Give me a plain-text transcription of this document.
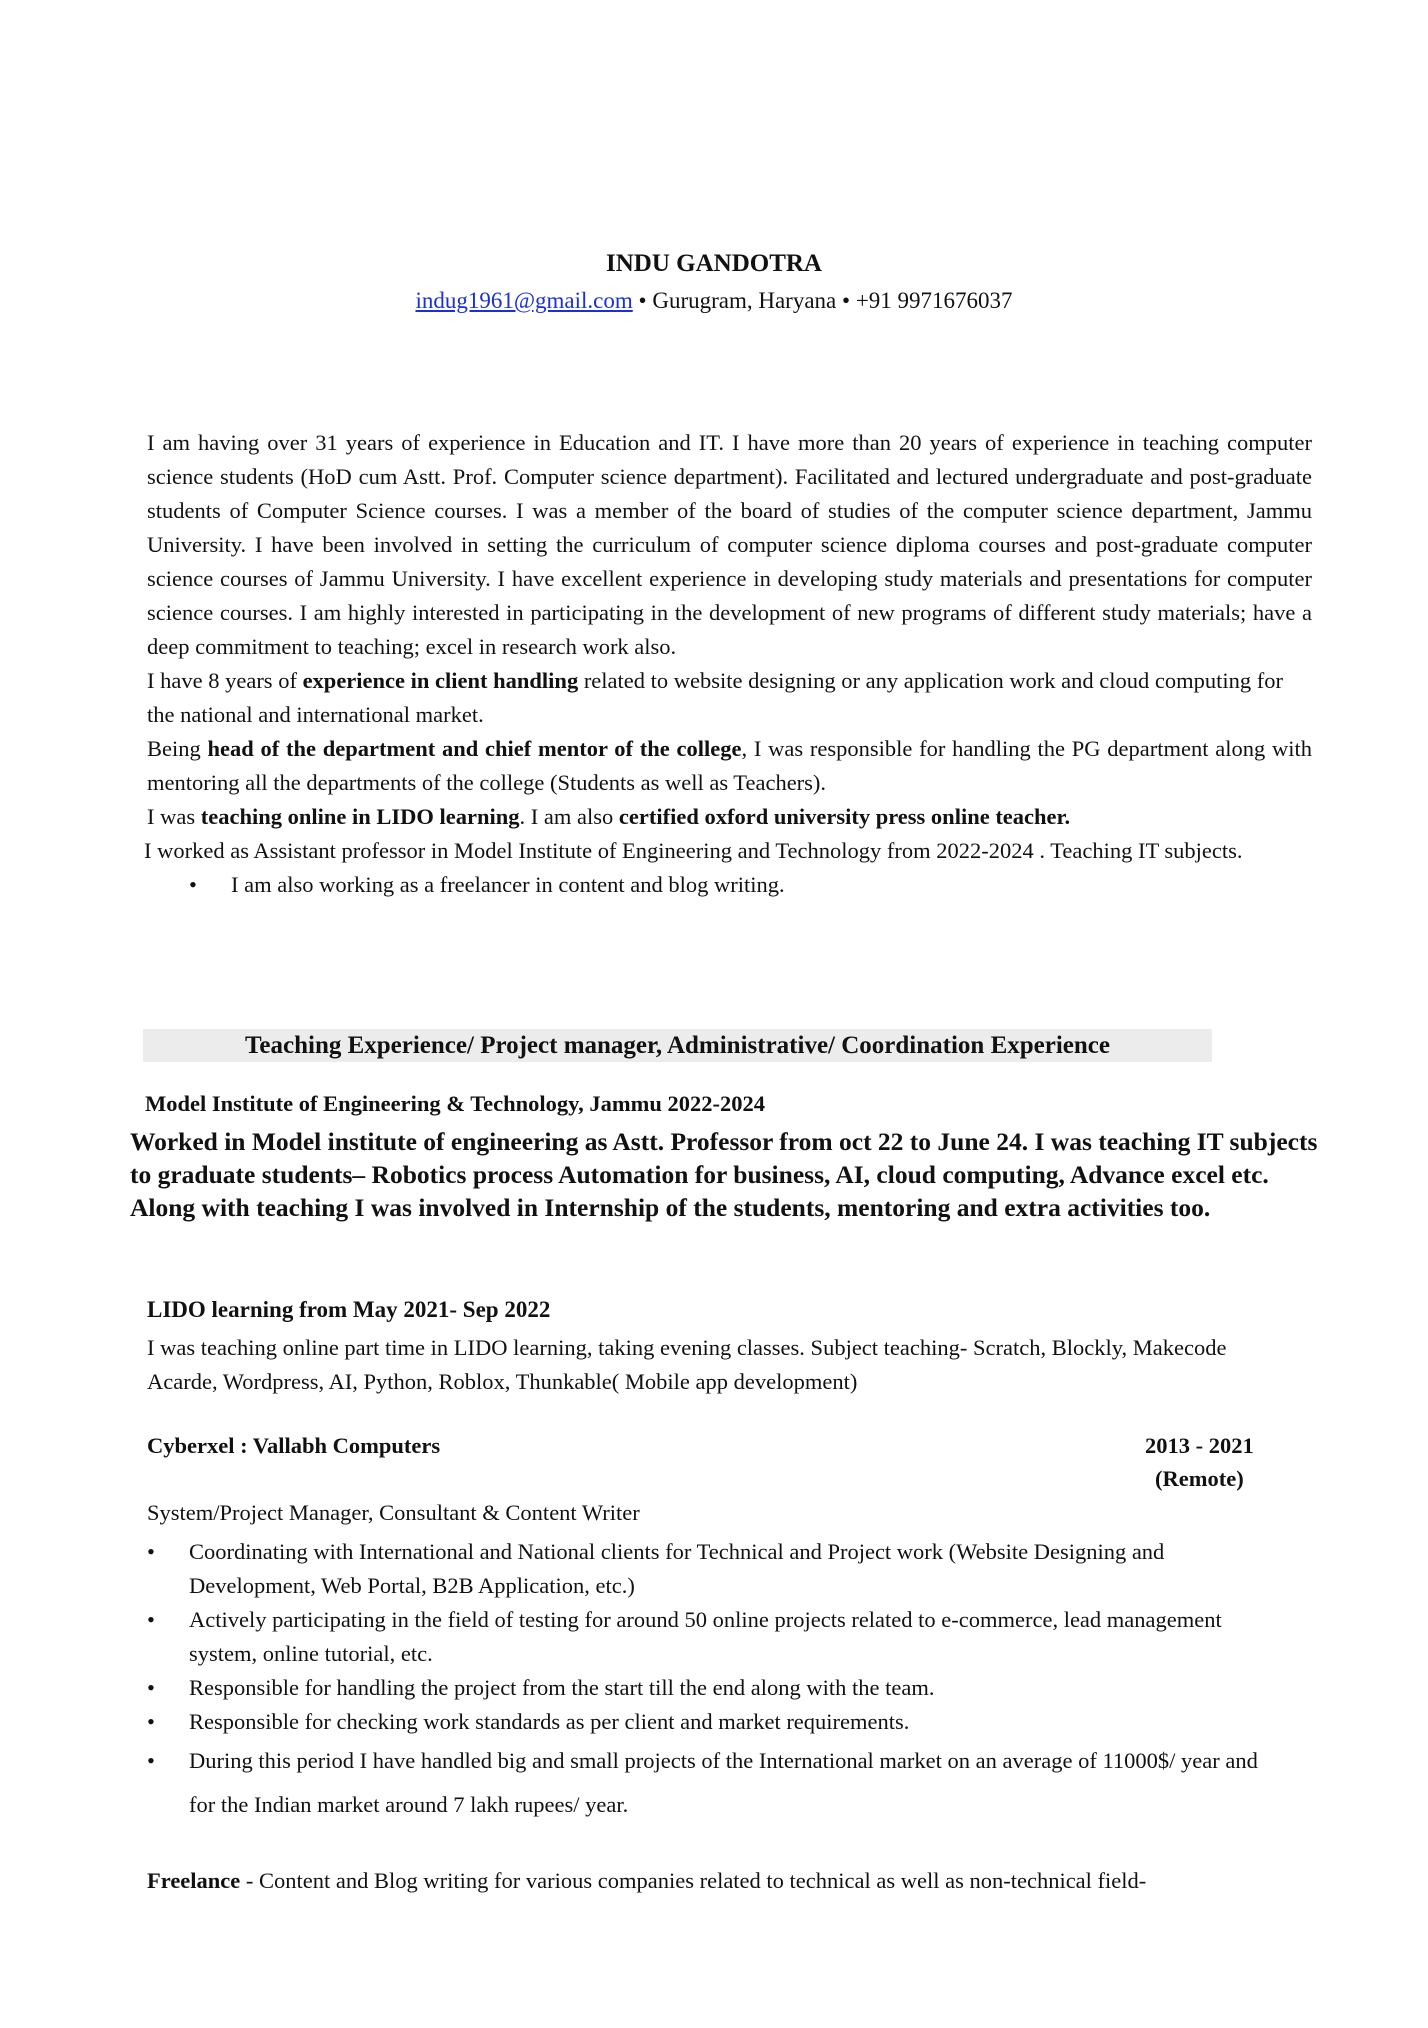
INDU GANDOTRA
indug1961@gmail.com • Gurugram, Haryana • +91 9971676037

I am having over 31 years of experience in Education and IT. I have more than 20 years of experience in teaching computer science students (HoD cum Astt. Prof. Computer science department). Facilitated and lectured undergraduate and post-graduate students of Computer Science courses. I was a member of the board of studies of the computer science department, Jammu University. I have been involved in setting the curriculum of computer science diploma courses and post-graduate computer science courses of Jammu University. I have excellent experience in developing study materials and presentations for computer science courses. I am highly interested in participating in the development of new programs of different study materials; have a deep commitment to teaching; excel in research work also.

I have 8 years of experience in client handling related to website designing or any application work and cloud computing for the national and international market.

Being head of the department and chief mentor of the college, I was responsible for handling the PG department along with mentoring all the departments of the college (Students as well as Teachers).

I was teaching online in LIDO learning. I am also certified oxford university press online teacher.

I worked as Assistant professor in Model Institute of Engineering and Technology from 2022-2024 . Teaching IT subjects.

• I am also working as a freelancer in content and blog writing.

Teaching Experience/ Project manager, Administrative/ Coordination Experience
Model Institute of Engineering & Technology, Jammu 2022-2024

Worked in Model institute of engineering as Astt. Professor from oct 22 to June 24. I was teaching IT subjects to graduate students– Robotics process Automation for business, AI, cloud computing, Advance excel etc.

Along with teaching I was involved in Internship of the students, mentoring and extra activities too.

LIDO learning from May 2021- Sep 2022
I was teaching online part time in LIDO learning, taking evening classes. Subject teaching- Scratch, Blockly, Makecode Acarde, Wordpress, AI, Python, Roblox, Thunkable( Mobile app development)
Cyberxel : Vallabh Computers	2013 - 2021
(Remote)
System/Project Manager, Consultant & Content Writer
• Coordinating with International and National clients for Technical and Project work (Website Designing and Development, Web Portal, B2B Application, etc.)
• Actively participating in the field of testing for around 50 online projects related to e-commerce, lead management system, online tutorial, etc.
• Responsible for handling the project from the start till the end along with the team.
• Responsible for checking work standards as per client and market requirements.
• During this period I have handled big and small projects of the International market on an average of 11000$/ year and for the Indian market around 7 lakh rupees/ year.
Freelance - Content and Blog writing for various companies related to technical as well as non-technical field-
